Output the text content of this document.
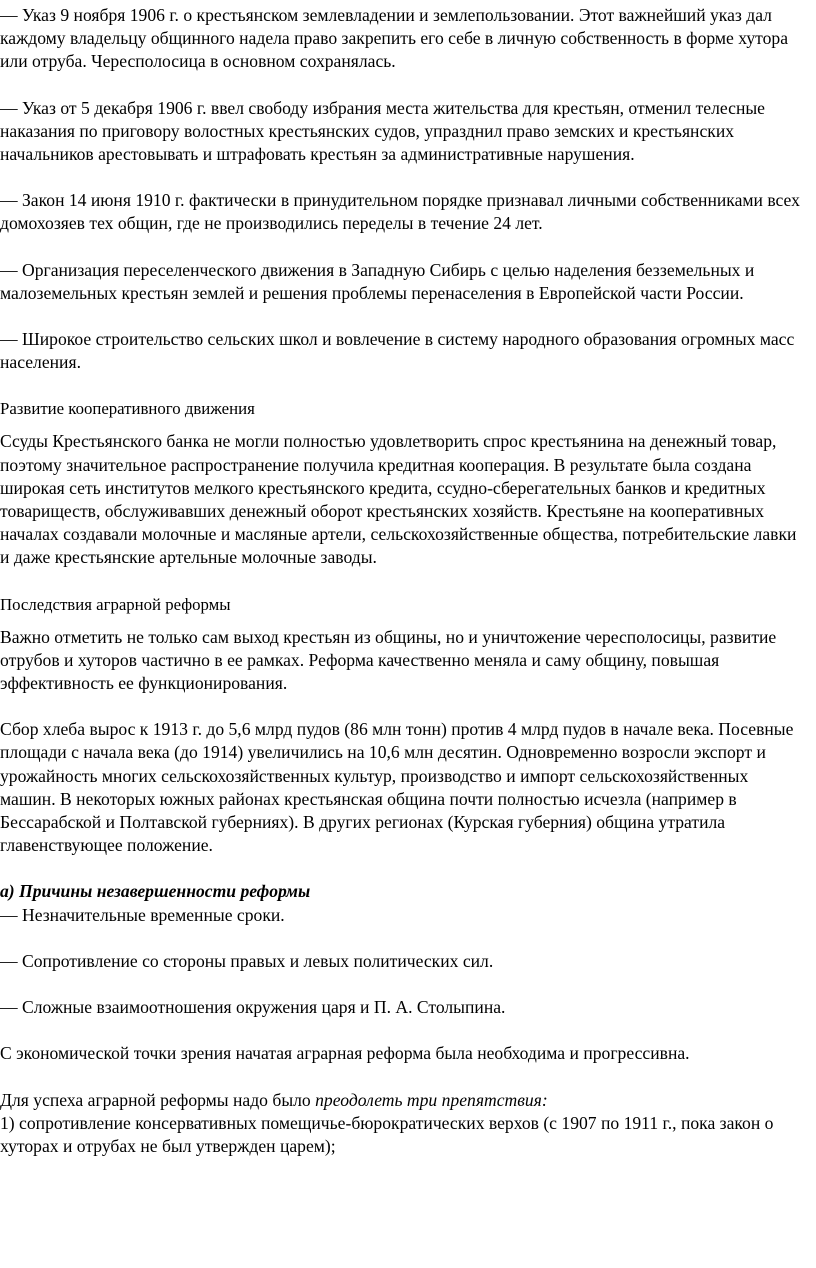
— Указ 9 ноября 1906 г. о крестьянском землевладении и землепользовании. Этот важнейший указ дал каждому владельцу общинного надела право закрепить его себе в личную собственность в форме хутора или отруба. Чересполосица в основном сохранялась.

— Указ от 5 декабря 1906 г. ввел свободу избрания места жительства для крестьян, отменил телесные наказания по приговору волостных крестьянских судов, упразднил право земских и крестьянских начальников арестовывать и штрафовать крестьян за административные нарушения.

— Закон 14 июня 1910 г. фактически в принудительном порядке признавал личными собственниками всех домохозяев тех общин, где не производились переделы в течение 24 лет.

— Организация переселенческого движения в Западную Сибирь с целью наделения безземельных и малоземельных крестьян землей и решения проблемы перенаселения в Европейской части России.

— Широкое строительство сельских школ и вовлечение в систему народного образования огромных масс населения.

Развитие кооперативного движения

Ссуды Крестьянского банка не могли полностью удовлетворить спрос крестьянина на денежный товар, поэтому значительное распространение получила кредитная кооперация. В результате была создана широкая сеть институтов мелкого крестьянского кредита, ссудно-сберегательных банков и кредитных товариществ, обслуживавших денежный оборот крестьянских хозяйств. Крестьяне на кооперативных началах создавали молочные и масляные артели, сельскохозяйственные общества, потребительские лавки и даже крестьянские артельные молочные заводы.

Последствия аграрной реформы

Важно отметить не только сам выход крестьян из общины, но и уничтожение чересполосицы, развитие отрубов и хуторов частично в ее рамках. Реформа качественно меняла и саму общину, повышая эффективность ее функционирования.

Сбор хлеба вырос к 1913 г. до 5,6 млрд пудов (86 млн тонн) против 4 млрд пудов в начале века. Посевные площади с начала века (до 1914) увеличились на 10,6 млн десятин. Одновременно возросли экспорт и урожайность многих сельскохозяйственных культур, производство и импорт сельскохозяйственных машин. В некоторых южных районах крестьянская община почти полностью исчезла (например в Бессарабской и Полтавской губерниях). В других регионах (Курская губерния) община утратила главенствующее положение.

а) Причины незавершенности реформы
— Незначительные временные сроки.

— Сопротивление со стороны правых и левых политических сил.

— Сложные взаимоотношения окружения царя и П. А. Столыпина.

С экономической точки зрения начатая аграрная реформа была необходима и прогрессивна.

Для успеха аграрной реформы надо было преодолеть три препятствия:

1) сопротивление консервативных помещичье-бюрократических верхов (с 1907 по 1911 г., пока закон о хуторах и отрубах не был утвержден царем);
